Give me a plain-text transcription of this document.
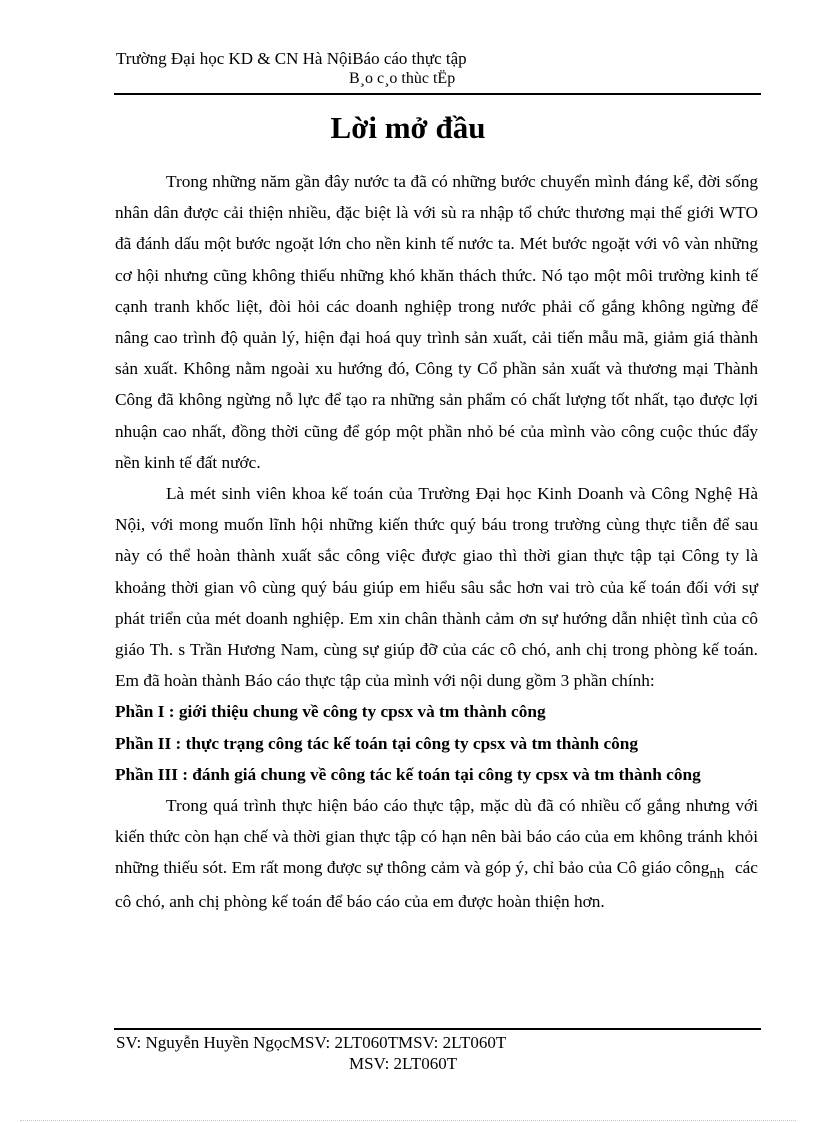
Trường Đại học KD & CN Hà NộiBáo cáo thực tập
B¸o c¸o thùc tËp
Lời mở đầu

Trong những năm gần đây nước ta đã có những bước chuyển mình đáng kể, đời sống nhân dân được cải thiện nhiều, đặc biệt là với sù ra nhập tổ chức thương mại thế giới WTO đã đánh dấu một bước ngoặt lớn cho nền kinh tế nước ta. Mét bước ngoặt với vô vàn những cơ hội nhưng cũng không thiếu những khó khăn thách thức. Nó tạo một môi trường kinh tế cạnh tranh khốc liệt, đòi hỏi các doanh nghiệp trong nước phải cố gắng không ngừng để nâng cao trình độ quản lý, hiện đại hoá quy trình sản xuất, cải tiến mẫu mã, giảm giá thành sản xuất. Không nằm ngoài xu hướng đó, Công ty Cổ phần sản xuất và thương mại Thành Công đã không ngừng nỗ lực để tạo ra những sản phẩm có chất lượng tốt nhất, tạo được lợi nhuận cao nhất, đồng thời cũng để góp một phần nhỏ bé của mình vào công cuộc thúc đẩy nền kinh tế đất nước.

Là mét sinh viên khoa kế toán của Trường Đại học Kinh Doanh và Công Nghệ Hà Nội, với mong muốn lĩnh hội những kiến thức quý báu trong trường cùng thực tiễn để sau này có thể hoàn thành xuất sắc công việc được giao thì thời gian thực tập tại Công ty là khoảng thời gian vô cùng quý báu giúp em hiểu sâu sắc hơn vai trò của kế toán đối với sự phát triển của mét doanh nghiệp. Em xin chân thành cảm ơn sự hướng dẫn nhiệt tình của cô giáo Th. s Trần Hương Nam, cùng sự giúp đỡ của các cô chó, anh chị trong phòng kế toán. Em đã hoàn thành Báo cáo thực tập của mình với nội dung gồm 3 phần chính:

Phần I : giới thiệu chung về công ty cpsx và tm thành công

Phần II : thực trạng công tác kế toán tại công ty cpsx và tm thành công

Phần III : đánh giá chung về công tác kế toán tại công ty cpsx và tm thành công

Trong quá trình thực hiện báo cáo thực tập, mặc dù đã có nhiều cố gắng nhưng với kiến thức còn hạn chế và thời gian thực tập có hạn nên bài báo cáo của em không tránh khỏi những thiếu sót. Em rất mong được sự thông cảm và góp ý, chỉ bảo của Cô giáo côngnh các cô chó, anh chị phòng kế toán để báo cáo của em được hoàn thiện hơn.

SV: Nguyễn Huyền NgọcMSV: 2LT060TMSV: 2LT060T
MSV: 2LT060T
